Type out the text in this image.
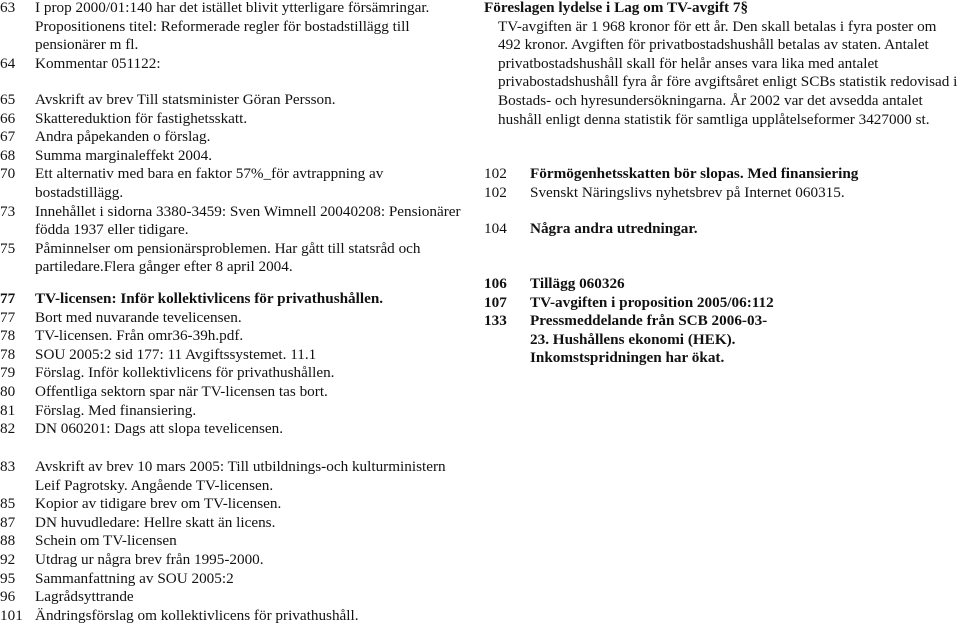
63	I prop 2000/01:140 har det istället blivit ytterligare försämringar. Propositionens titel: Reformerade regler för bostadstillägg till pensionärer m fl.
64	Kommentar 051122:
65	Avskrift av brev Till statsminister Göran Persson.
66	Skattereduktion för fastighetsskatt.
67	Andra påpekanden o förslag.
68	Summa marginaleffekt 2004.
70	Ett alternativ med bara en faktor 57%_för avtrappning av bostadstillägg.
73	Innehållet i sidorna 3380-3459: Sven Wimnell 20040208: Pensionärer födda 1937 eller tidigare.
75	Påminnelser om pensionärsproblemen. Har gått till statsråd och partiledare.Flera gånger efter 8 april 2004.
77	TV-licensen: Inför kollektivlicens för privathushållen.
77	Bort med nuvarande tevelicensen.
78	TV-licensen. Från omr36-39h.pdf.
78	SOU 2005:2 sid 177: 11 Avgiftssystemet. 11.1
79	Förslag. Inför kollektivlicens för privathushållen.
80	Offentliga sektorn spar när TV-licensen tas bort.
81	Förslag. Med finansiering.
82	DN 060201: Dags att slopa tevelicensen.
83	Avskrift av brev 10 mars 2005: Till utbildnings-och kulturministern Leif Pagrotsky. Angående TV-licensen.
85	Kopior av tidigare brev om TV-licensen.
87	DN huvudledare: Hellre skatt än licens.
88	Schein om TV-licensen
92	Utdrag ur några brev från 1995-2000.
95	Sammanfattning av SOU 2005:2
96	Lagrådsyttrande
101 Ändringsförslag om kollektivlicens för privathushåll.
Föreslagen lydelse i Lag om TV-avgift 7§
TV-avgiften är 1 968 kronor för ett år. Den skall betalas i fyra poster om 492 kronor. Avgiften för privatbostadshushåll betalas av staten. Antalet privatbostadshushåll skall för helår anses vara lika med antalet privabostadshushåll fyra år före avgiftsåret enligt SCBs statistik redovisad i Bostads- och hyresundersökningarna. År 2002 var det avsedda antalet hushåll enligt denna statistik för samtliga upplåtelseformer 3427000 st.
102	Förmögenhetsskatten bör slopas. Med finansiering
102	Svenskt Näringslivs nyhetsbrev på Internet 060315.
104	Några andra utredningar.
106	Tillägg 060326
107	TV-avgiften i proposition 2005/06:112
133	Pressmeddelande från SCB 2006-03-23. Hushållens ekonomi (HEK). Inkomstspridningen har ökat.
